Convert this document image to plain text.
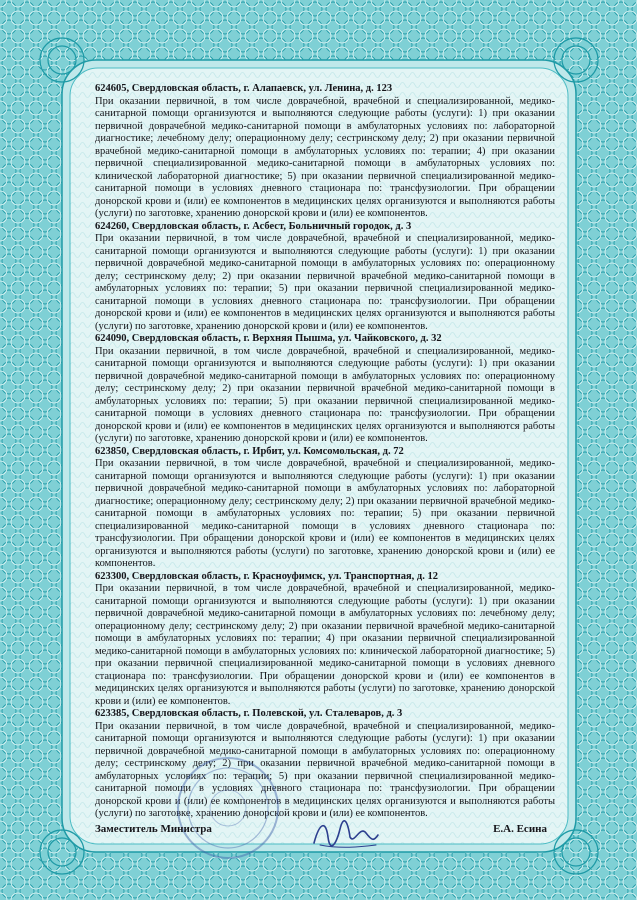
624605, Свердловская область, г. Алапаевск, ул. Ленина, д. 123

При оказании первичной, в том числе доврачебной, врачебной и специализированной, медико-санитарной помощи организуются и выполняются следующие работы (услуги): 1) при оказании первичной доврачебной медико-санитарной помощи в амбулаторных условиях по: лабораторной диагностике; лечебному делу; операционному делу; сестринскому делу; 2) при оказании первичной врачебной медико-санитарной помощи в амбулаторных условиях по: терапии; 4) при оказании первичной специализированной медико-санитарной помощи в амбулаторных условиях по: клинической лабораторной диагностике; 5) при оказании первичной специализированной медико-санитарной помощи в условиях дневного стационара по: трансфузиологии. При обращении донорской крови и (или) ее компонентов в медицинских целях организуются и выполняются работы (услуги) по заготовке, хранению донорской крови и (или) ее компонентов.

624260, Свердловская область, г. Асбест, Больничный городок, д. 3

При оказании первичной, в том числе доврачебной, врачебной и специализированной, медико-санитарной помощи организуются и выполняются следующие работы (услуги): 1) при оказании первичной доврачебной медико-санитарной помощи в амбулаторных условиях по: операционному делу; сестринскому делу; 2) при оказании первичной врачебной медико-санитарной помощи в амбулаторных условиях по: терапии; 5) при оказании первичной специализированной медико-санитарной помощи в условиях дневного стационара по: трансфузиологии. При обращении донорской крови и (или) ее компонентов в медицинских целях организуются и выполняются работы (услуги) по заготовке, хранению донорской крови и (или) ее компонентов.

624090, Свердловская область, г. Верхняя Пышма, ул. Чайковского, д. 32

При оказании первичной, в том числе доврачебной, врачебной и специализированной, медико-санитарной помощи организуются и выполняются следующие работы (услуги): 1) при оказании первичной доврачебной медико-санитарной помощи в амбулаторных условиях по: операционному делу; сестринскому делу; 2) при оказании первичной врачебной медико-санитарной помощи в амбулаторных условиях по: терапии; 5) при оказании первичной специализированной медико-санитарной помощи в условиях дневного стационара по: трансфузиологии. При обращении донорской крови и (или) ее компонентов в медицинских целях организуются и выполняются работы (услуги) по заготовке, хранению донорской крови и (или) ее компонентов.

623850, Свердловская область, г. Ирбит, ул. Комсомольская, д. 72

При оказании первичной, в том числе доврачебной, врачебной и специализированной, медико-санитарной помощи организуются и выполняются следующие работы (услуги): 1) при оказании первичной доврачебной медико-санитарной помощи в амбулаторных условиях по: лабораторной диагностике; операционному делу; сестринскому делу; 2) при оказании первичной врачебной медико-санитарной помощи в амбулаторных условиях по: терапии; 5) при оказании первичной специализированной медико-санитарной помощи в условиях дневного стационара по: трансфузиологии. При обращении донорской крови и (или) ее компонентов в медицинских целях организуются и выполняются работы (услуги) по заготовке, хранению донорской крови и (или) ее компонентов.

623300, Свердловская область, г. Красноуфимск, ул. Транспортная, д. 12

При оказании первичной, в том числе доврачебной, врачебной и специализированной, медико-санитарной помощи организуются и выполняются следующие работы (услуги): 1) при оказании первичной доврачебной медико-санитарной помощи в амбулаторных условиях по: лечебному делу; операционному делу; сестринскому делу; 2) при оказании первичной врачебной медико-санитарной помощи в амбулаторных условиях по: терапии; 4) при оказании первичной специализированной медико-санитарной помощи в амбулаторных условиях по: клинической лабораторной диагностике; 5) при оказании первичной специализированной медико-санитарной помощи в условиях дневного стационара по: трансфузиологии. При обращении донорской крови и (или) ее компонентов в медицинских целях организуются и выполняются работы (услуги) по заготовке, хранению донорской крови и (или) ее компонентов.

623385, Свердловская область, г. Полевской, ул. Сталеваров, д. 3

При оказании первичной, в том числе доврачебной, врачебной и специализированной, медико-санитарной помощи организуются и выполняются следующие работы (услуги): 1) при оказании первичной доврачебной медико-санитарной помощи в амбулаторных условиях по: операционному делу; сестринскому делу; 2) при оказании первичной врачебной медико-санитарной помощи в амбулаторных условиях по: терапии; 5) при оказании первичной специализированной медико-санитарной помощи в условиях дневного стационара по: трансфузиологии. При обращении донорской крови и (или) ее компонентов в медицинских целях организуются и выполняются работы (услуги) по заготовке, хранению донорской крови и (или) ее компонентов.

Заместитель Министра	Е.А. Есина
